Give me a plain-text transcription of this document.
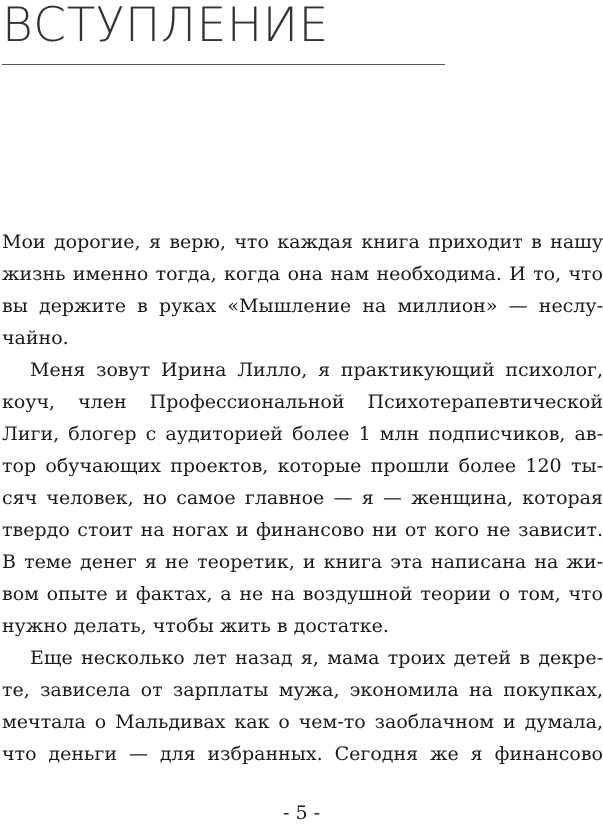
ВСТУПЛЕНИЕ
Мои дорогие, я верю, что каждая книга приходит в нашу
жизнь именно тогда, когда она нам необходима. И то, что
вы держите в руках «Мышление на миллион» — неслу-
чайно.
Меня зовут Ирина Лилло, я практикующий психолог,
коуч, член Профессиональной Психотерапевтической
Лиги, блогер с аудиторией более 1 млн подписчиков, ав-
тор обучающих проектов, которые прошли более 120 ты-
сяч человек, но самое главное — я — женщина, которая
твердо стоит на ногах и финансово ни от кого не зависит.
В теме денег я не теоретик, и книга эта написана на жи-
вом опыте и фактах, а не на воздушной теории о том, что
нужно делать, чтобы жить в достатке.
Еще несколько лет назад я, мама троих детей в декре-
те, зависела от зарплаты мужа, экономила на покупках,
мечтала о Мальдивах как о чем-то заоблачном и думала,
что деньги — для избранных. Сегодня же я финансово
- 5 -
